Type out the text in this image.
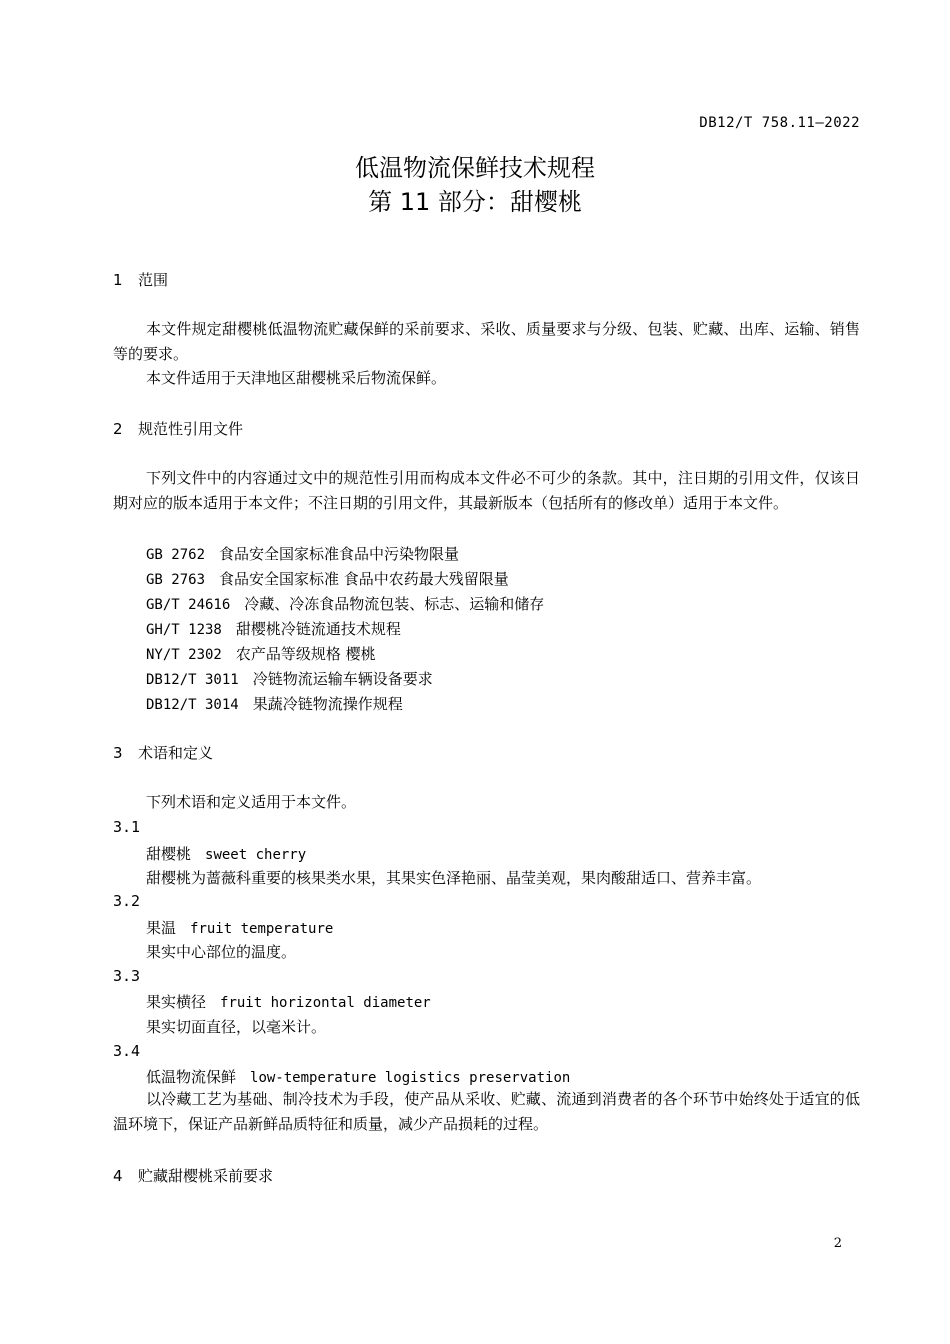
DB12/T 758.11—2022
低温物流保鲜技术规程
第 11 部分：甜樱桃
1 范围

本文件规定甜樱桃低温物流贮藏保鲜的采前要求、采收、质量要求与分级、包装、贮藏、出库、运输、销售等的要求。

本文件适用于天津地区甜樱桃采后物流保鲜。

2 规范性引用文件

下列文件中的内容通过文中的规范性引用而构成本文件必不可少的条款。其中，注日期的引用文件，仅该日期对应的版本适用于本文件；不注日期的引用文件，其最新版本（包括所有的修改单）适用于本文件。

GB 2762 食品安全国家标准食品中污染物限量
GB 2763 食品安全国家标准 食品中农药最大残留限量
GB/T 24616 冷藏、冷冻食品物流包装、标志、运输和储存
GH/T 1238 甜樱桃冷链流通技术规程
NY/T 2302 农产品等级规格 樱桃
DB12/T 3011 冷链物流运输车辆设备要求
DB12/T 3014 果蔬冷链物流操作规程
3 术语和定义
下列术语和定义适用于本文件。
3.1
甜樱桃 sweet cherry
甜樱桃为蔷薇科重要的核果类水果，其果实色泽艳丽、晶莹美观，果肉酸甜适口、营养丰富。
3.2
果温 fruit temperature
果实中心部位的温度。
3.3
果实横径 fruit horizontal diameter
果实切面直径，以毫米计。
3.4
低温物流保鲜 low-temperature logistics preservation

以冷藏工艺为基础、制冷技术为手段，使产品从采收、贮藏、流通到消费者的各个环节中始终处于适宜的低温环境下，保证产品新鲜品质特征和质量，减少产品损耗的过程。

4 贮藏甜樱桃采前要求
2
